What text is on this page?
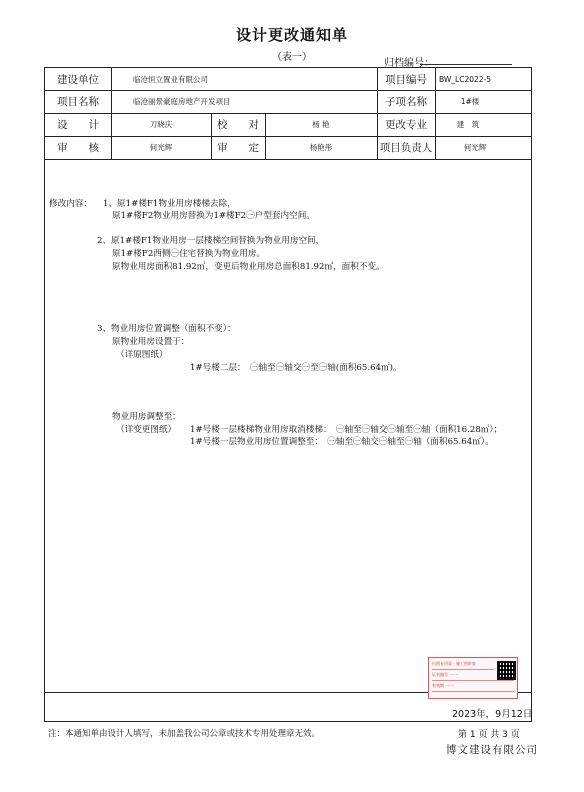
设计更改通知单
（表一）
归档编号：
建设单位	临沧恒立置业有限公司	项目编号	BW_LC2022-5
项目名称	临沧丽景豪庭房地产开发项目	子项名称	1#楼
设　　计	刀晓庆	校　　对	杨 艳	更改专业	建　筑
审　　核	何光辉	审　　定	杨艳彤	项目负责人	何光辉
修改内容： 1、原1#楼F1物业用房楼梯去除，
原1#楼F2物业用房替换为1#楼F2㊀户型套内空间。
2、原1#楼F1物业用房一层楼梯空间替换为物业用房空间，
原1#楼F2西侧㊀住宅替换为物业用房。
原物业用房面积81.92㎡，变更后物业用房总面积81.92㎡，面积不变。
3、物业用房位置调整（面积不变）：
原物业用房设置于：
（详原图纸）
1#号楼二层：　㊀轴至㊀轴交㊀至㊀轴(面积65.64㎡)。
物业用房调整至：
（详变更图纸） 1#号楼一层楼梯物业用房取消楼梯：　㊀轴至㊀轴交㊀轴至㊀轴（面积16.28㎡）；
1#号楼一层物业用房位置调整至：　㊀轴至㊀轴交㊀轴至㊀轴（面积65.64㎡）。
出图专用章 · 施工图审查
证书编号 ·······
有效期 ·······
2023年，9月12日
注：本通知单由设计人填写，未加盖我公司公章或技术专用处理章无效。	第 1 页 共 3 页
博文建设有限公司
